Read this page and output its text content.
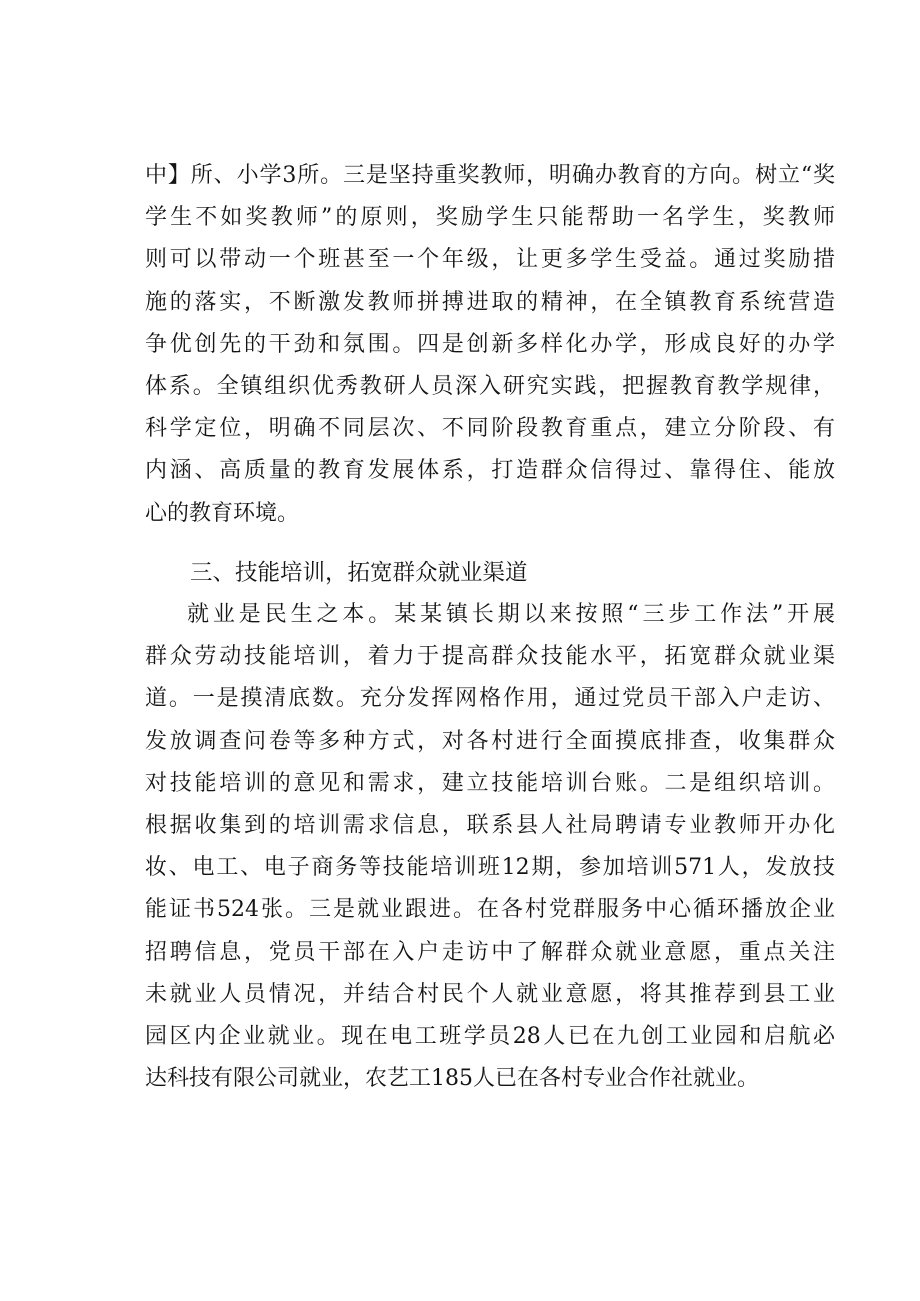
中】所、小学3所。三是坚持重奖教师，明确办教育的方向。树立“奖
学生不如奖教师”的原则，奖励学生只能帮助一名学生，奖教师
则可以带动一个班甚至一个年级，让更多学生受益。通过奖励措
施的落实，不断激发教师拼搏进取的精神，在全镇教育系统营造
争优创先的干劲和氛围。四是创新多样化办学，形成良好的办学
体系。全镇组织优秀教研人员深入研究实践，把握教育教学规律，
科学定位，明确不同层次、不同阶段教育重点，建立分阶段、有
内涵、高质量的教育发展体系，打造群众信得过、靠得住、能放
心的教育环境。
三、技能培训，拓宽群众就业渠道
就业是民生之本。某某镇长期以来按照“三步工作法”开展
群众劳动技能培训，着力于提高群众技能水平，拓宽群众就业渠
道。一是摸清底数。充分发挥网格作用，通过党员干部入户走访、
发放调查问卷等多种方式，对各村进行全面摸底排查，收集群众
对技能培训的意见和需求，建立技能培训台账。二是组织培训。
根据收集到的培训需求信息，联系县人社局聘请专业教师开办化
妆、电工、电子商务等技能培训班12期，参加培训571人，发放技
能证书524张。三是就业跟进。在各村党群服务中心循环播放企业
招聘信息，党员干部在入户走访中了解群众就业意愿，重点关注
未就业人员情况，并结合村民个人就业意愿，将其推荐到县工业
园区内企业就业。现在电工班学员28人已在九创工业园和启航必
达科技有限公司就业，农艺工185人已在各村专业合作社就业。
